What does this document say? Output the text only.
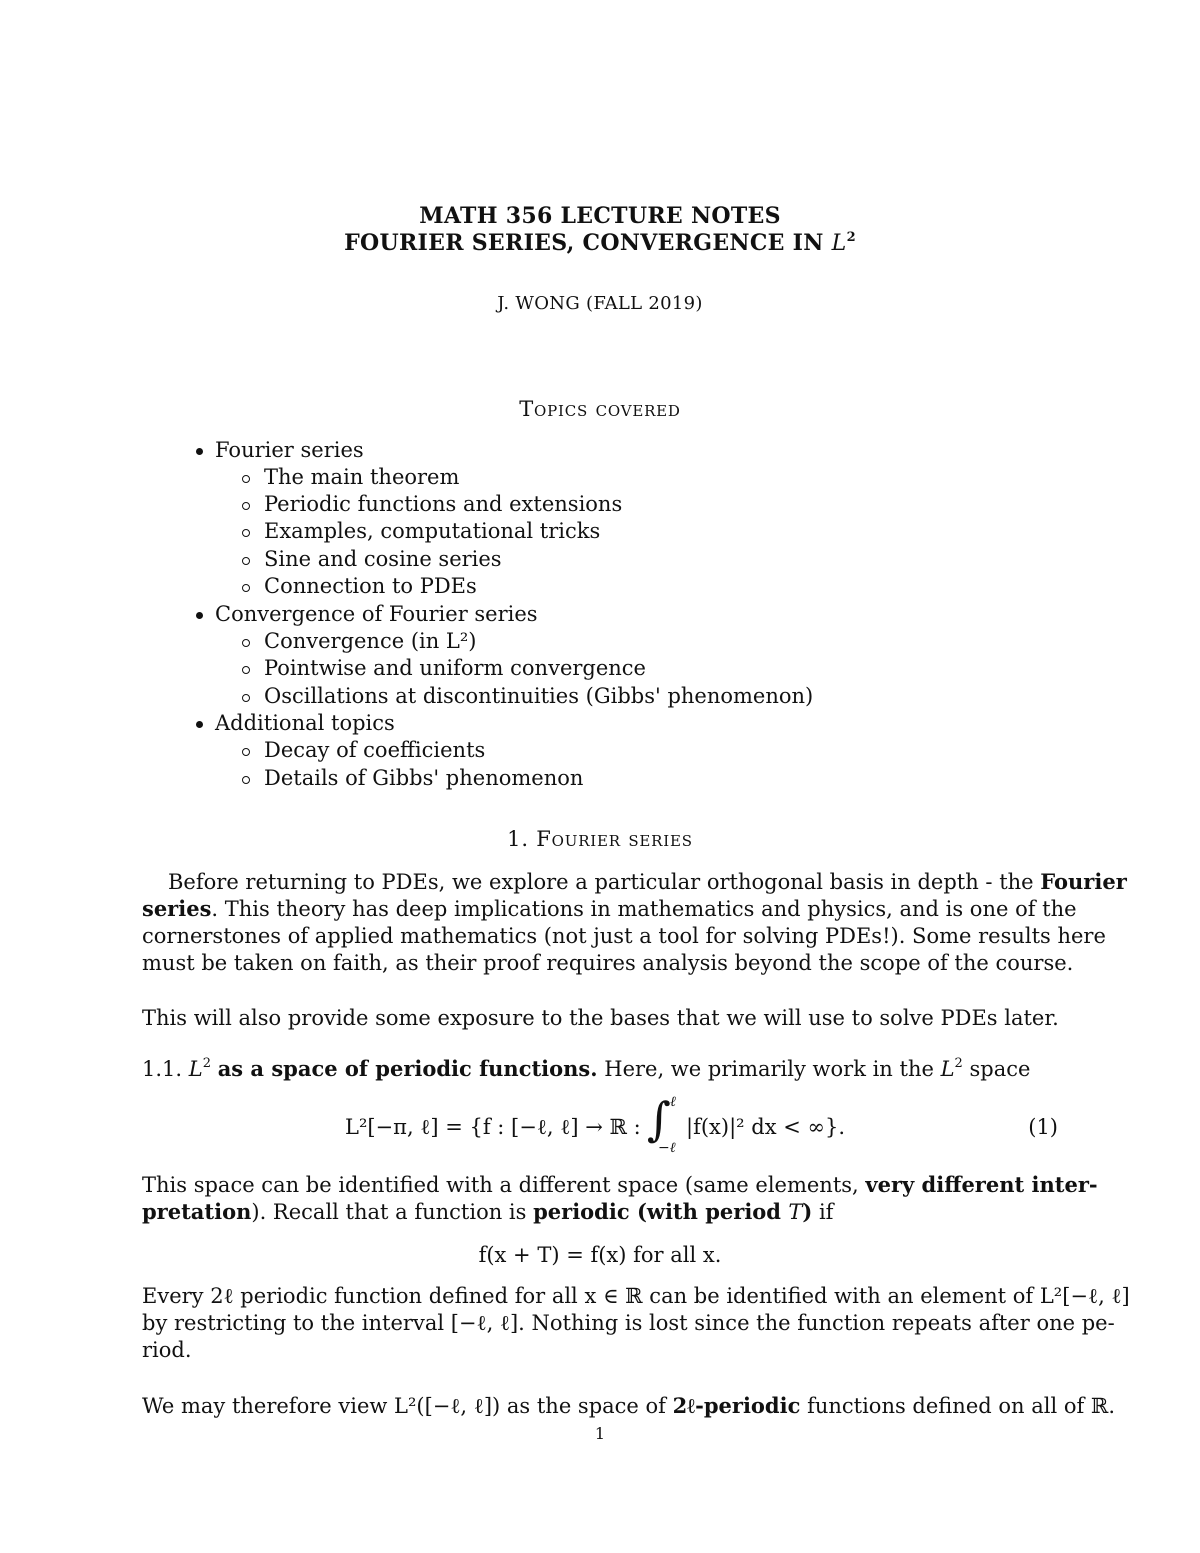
MATH 356 LECTURE NOTES
FOURIER SERIES, CONVERGENCE IN $L^2$
J. WONG (FALL 2019)
Topics covered
Fourier series
The main theorem
Periodic functions and extensions
Examples, computational tricks
Sine and cosine series
Connection to PDEs
Convergence of Fourier series
Convergence (in L²)
Pointwise and uniform convergence
Oscillations at discontinuities (Gibbs' phenomenon)
Additional topics
Decay of coefficients
Details of Gibbs' phenomenon
1. Fourier series
Before returning to PDEs, we explore a particular orthogonal basis in depth - the Fourier
series. This theory has deep implications in mathematics and physics, and is one of the
cornerstones of applied mathematics (not just a tool for solving PDEs!). Some results here
must be taken on faith, as their proof requires analysis beyond the scope of the course.
This will also provide some exposure to the bases that we will use to solve PDEs later.
1.1. $L^2$ as a space of periodic functions. Here, we primarily work in the $L^2$ space
L²[−π, ℓ] = {f : [−ℓ, ℓ] → ℝ : ∫ ℓ
−ℓ
|f(x)|² dx < ∞}.	(1)
This space can be identified with a different space (same elements, very different inter-
pretation). Recall that a function is periodic (with period T) if
f(x + T) = f(x) for all x.
Every 2ℓ periodic function defined for all x ∈ ℝ can be identified with an element of L²[−ℓ, ℓ]
by restricting to the interval [−ℓ, ℓ]. Nothing is lost since the function repeats after one pe-
riod.
We may therefore view L²([−ℓ, ℓ]) as the space of 2ℓ-periodic functions defined on all of ℝ.
1
